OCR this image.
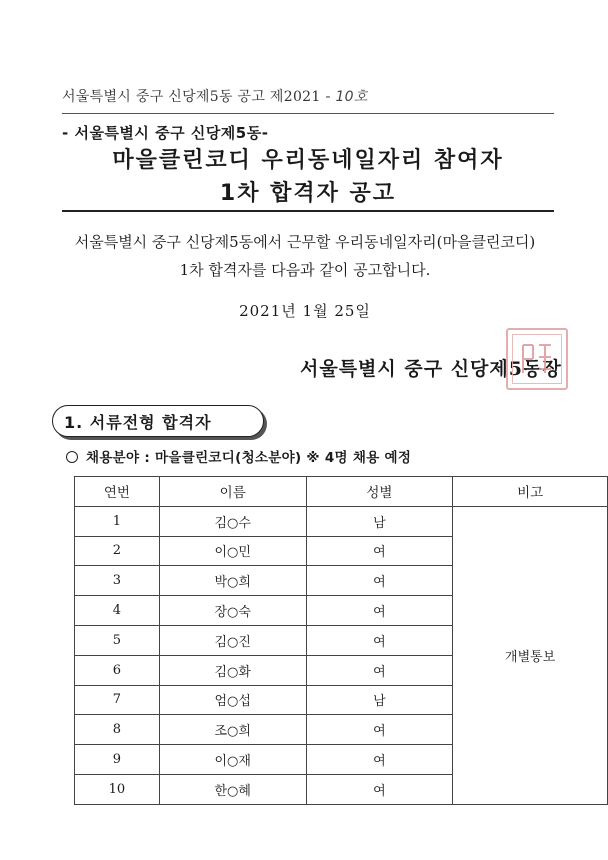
서울특별시 중구 신당제5동 공고 제2021 - 10호
- 서울특별시 중구 신당제5동-
마을클린코디 우리동네일자리 참여자
1차 합격자 공고
서울특별시 중구 신당제5동에서 근무할 우리동네일자리(마을클린코디)
1차 합격자를 다음과 같이 공고합니다.
2021년 1월 25일
서울특별시 중구 신당제5동장
1. 서류전형 합격자
채용분야 : 마을클린코디(청소분야) ※ 4명 채용 예정
연번	이름	성별	비고
1	김○수	남	개별통보
2	이○민	여	
3	박○희	여	
4	장○숙	여	
5	김○진	여	
6	김○화	여	
7	엄○섭	남	
8	조○희	여	
9	이○재	여	
10	한○혜	여	
